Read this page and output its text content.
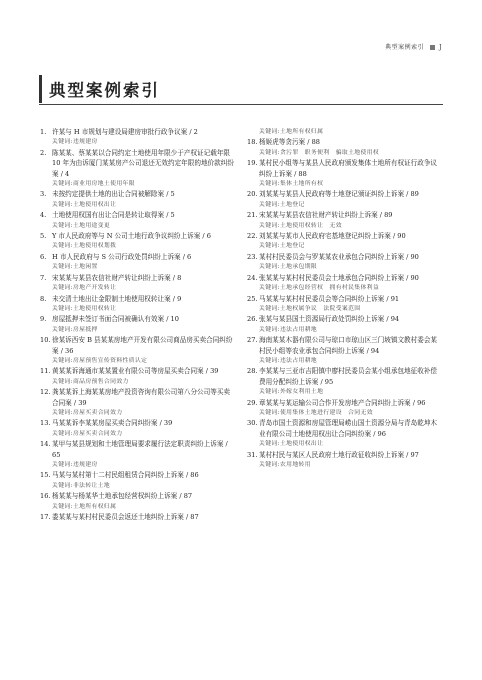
典型案例索引	J
典型案例索引
1. 许某与 H 市规划与建设局建房审批行政争议案 / 2
关键词:违规建房
2. 陈某某、蔡某某以合同约定土地使用年限少于产权证记载年限 10 年为由诉厦门某某房产公司退还无效约定年限的地价款纠纷案 / 4
关键词:商业用房地土使用年限
3. 未按约定提供土地的出让合同被解除案 / 5
关键词:土地使用权出让
4. 土地使用权国有出让合同是转让取得案 / 5
关键词:土地用途变更
5. Y 市人民政府等与 N 公司土地行政争议纠纷上诉案 / 6
关键词:土地使用权划拨
6. H 市人民政府与 S 公司行政处罚纠纷上诉案 / 6
关键词:土地闲置
7. 宋某某与某县农信社财产转让纠纷上诉案 / 8
关键词:房地产开发转让
8. 未交清土地出让金限制土地使用权转让案 / 9
关键词:土地使用权转让
9. 房屋抵押未签订书面合同被确认有效案 / 10
关键词:房屋抵押
10. 徐某诉西安 B 县某某房地产开发有限公司商品房买卖合同纠纷案 / 36
关键词:房屋预售宣传资料性质认定
11. 黄某某诉海通市某某置业有限公司等房屋买卖合同案 / 39
关键词:商品房预售合同效力
12. 龚某某诉上海某某房地产投资咨询有限公司第八分公司等买卖合同案 / 39
关键词:房屋买卖合同效力
13. 马某某诉李某某房屋买卖合同纠纷案 / 39
关键词:房屋买卖合同效力
14. 某甲与某县规划和土地管理局要求履行法定职责纠纷上诉案 / 65
关键词:违规建房
15. 马某与某村第十二村民组租赁合同纠纷上诉案 / 86
关键词:非法转让土地
16. 杨某某与杨某华土地承包经营权纠纷上诉案 / 87
关键词:土地所有权归属
17. 娄某某与某村村民委员会返还土地纠纷上诉案 / 87
关键词:土地所有权归属
18. 杨姬虎等贪污案 / 88
关键词:贪污罪　职务便利　骗取土地使用权
19. 某村民小组等与某县人民政府颁发集体土地所有权证行政争议纠纷上诉案 / 88
关键词:集体土地所有权
20. 刘某某与某县人民政府等土地登记颁证纠纷上诉案 / 89
关键词:土地登记
21. 宋某某与某县农信社财产转让纠纷上诉案 / 89
关键词:土地使用权转让　无效
22. 刘某某与某市人民政府宅基地登记纠纷上诉案 / 90
关键词:土地登记
23. 某村村民委员会与罗某某农业承包合同纠纷上诉案 / 90
关键词:土地承包期限
24. 张某某与某村村民委员会土地承包合同纠纷上诉案 / 90
关键词:土地承包经营权　拥有村民集体利益
25. 马某某与某村村民委员会等合同纠纷上诉案 / 91
关键词:土地权属争议　法院受案范围
26. 张某与某县国土资源局行政处罚纠纷上诉案 / 94
关键词:违法占用耕地
27. 海南某某木器有限公司与琼口市琼山区三门坡镇文教村委会某村民小组等农业承包合同纠纷上诉案 / 94
关键词:违法占用耕地
28. 李某某与三亚市吉阳镇中廖村民委员会某小组承包地征收补偿费用分配纠纷上诉案 / 95
关键词:外嫁女利用土地
29. 章某某与某运输公司合作开发房地产合同纠纷上诉案 / 96
关键词:使用集体土地进行建设　合同无效
30. 青岛市国土资源和房屋管理局崂山国土资源分局与青岛乾坤木业有限公司土地使用权出让合同纠纷案 / 96
关键词:土地使用权出让
31. 某村村民与某区人民政府土地行政征收纠纷上诉案 / 97
关键词:农用地转用
